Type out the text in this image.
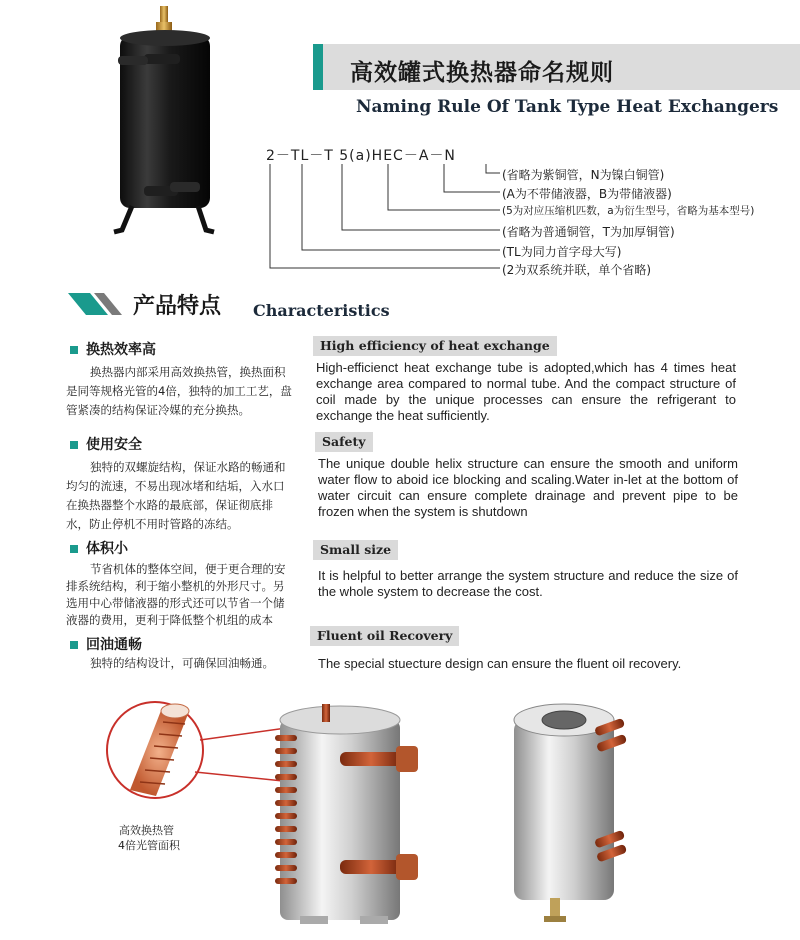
高效罐式换热器命名规则
Naming Rule Of Tank Type Heat Exchangers
2－TL－T 5(a)HEC－A－N
(省略为紫铜管，N为镍白铜管)
(A为不带储液器，B为带储液器)
(5为对应压缩机匹数，a为衍生型号，省略为基本型号)
(省略为普通铜管，T为加厚铜管)
(TL为同力首字母大写)
(2为双系统并联，单个省略)
产品特点 Characteristics
换热效率高
换热器内部采用高效换热管，换热面积是同等规格光管的4倍，独特的加工工艺，盘管紧凑的结构保证冷媒的充分换热。
High efficiency of heat exchange
High-efficienct heat exchange tube is adopted,which has 4 times heat exchange area compared to normal tube. And the compact structure of coil made by the unique processes can ensure the refrigerant to exchange the heat sufficiently.
使用安全
独特的双螺旋结构，保证水路的畅通和均匀的流速，不易出现冰堵和结垢，入水口在换热器整个水路的最底部，保证彻底排水，防止停机不用时管路的冻结。
Safety
The unique double helix structure can ensure the smooth and uniform water flow to aboid ice blocking and scaling.Water in-let at the bottom of water circuit can ensure complete drainage and prevent pipe to be frozen when the system is shutdown
体积小
节省机体的整体空间，便于更合理的安排系统结构，利于缩小整机的外形尺寸。另选用中心带储液器的形式还可以节省一个储液器的费用，更利于降低整个机组的成本
Small size
It is helpful to better arrange the system structure and reduce the size of the whole system to decrease the cost.
回油通畅
独特的结构设计，可确保回油畅通。
Fluent oil Recovery
The special stuecture design can ensure the fluent oil recovery.
高效换热管
4倍光管面积
